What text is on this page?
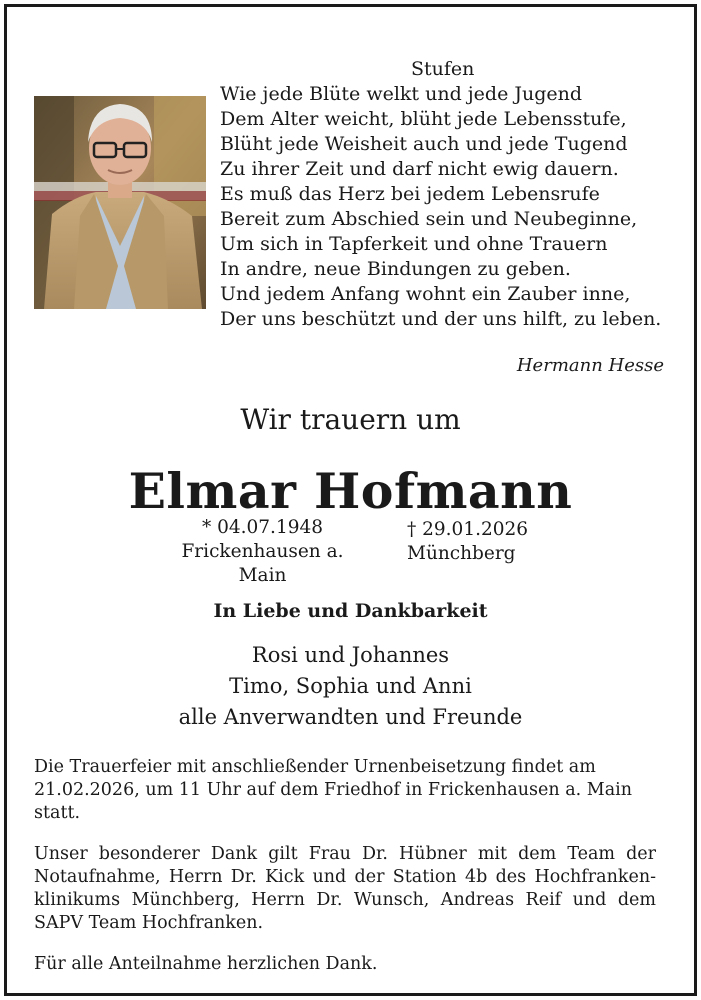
Stufen
Wie jede Blüte welkt und jede Jugend
Dem Alter weicht, blüht jede Lebensstufe,
Blüht jede Weisheit auch und jede Tugend
Zu ihrer Zeit und darf nicht ewig dauern.
Es muß das Herz bei jedem Lebensrufe
Bereit zum Abschied sein und Neubeginne,
Um sich in Tapferkeit und ohne Trauern
In andre, neue Bindungen zu geben.
Und jedem Anfang wohnt ein Zauber inne,
Der uns beschützt und der uns hilft, zu leben.
Hermann Hesse
Wir trauern um
Elmar Hofmann
* 04.07.1948
Frickenhausen a. Main
† 29.01.2026
Münchberg
In Liebe und Dankbarkeit
Rosi und Johannes
Timo, Sophia und Anni
alle Anverwandten und Freunde
Die Trauerfeier mit anschließender Urnenbeisetzung findet am 21.02.2026, um 11 Uhr auf dem Friedhof in Frickenhausen a. Main statt.
Unser besonderer Dank gilt Frau Dr. Hübner mit dem Team der Notaufnahme, Herrn Dr. Kick und der Station 4b des Hochfranken-klinikums Münchberg, Herrn Dr. Wunsch, Andreas Reif und dem SAPV Team Hochfranken.
Für alle Anteilnahme herzlichen Dank.
